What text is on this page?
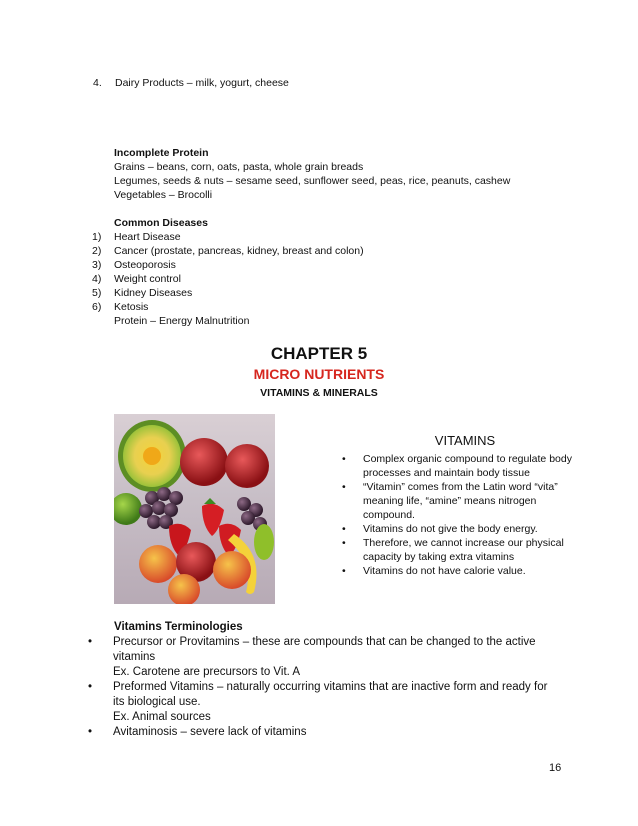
4.	Dairy Products – milk, yogurt, cheese
Incomplete Protein
Grains – beans, corn, oats, pasta, whole grain breads
Legumes, seeds & nuts – sesame seed, sunflower seed, peas, rice, peanuts, cashew
Vegetables – Brocolli
Common Diseases
1)	Heart Disease
2)	Cancer (prostate, pancreas, kidney, breast and colon)
3)	Osteoporosis
4)	Weight control
5)	Kidney Diseases
6)	Ketosis
Protein – Energy Malnutrition
CHAPTER 5
MICRO NUTRIENTS
VITAMINS & MINERALS
VITAMINS
•	Complex organic compound to regulate body processes and maintain body tissue
•	“Vitamin” comes from the Latin word “vita” meaning life, “amine” means nitrogen compound.
•	Vitamins do not give the body energy.
•	Therefore, we cannot increase our physical capacity by taking extra vitamins
•	Vitamins do not have calorie value.
Vitamins Terminologies
•	Precursor or Provitamins – these are compounds that can be changed to the active vitamins
Ex. Carotene are precursors to Vit. A
•	Preformed Vitamins – naturally occurring vitamins that are inactive form and ready for its biological use.
Ex. Animal sources
•	Avitaminosis – severe lack of vitamins
16
